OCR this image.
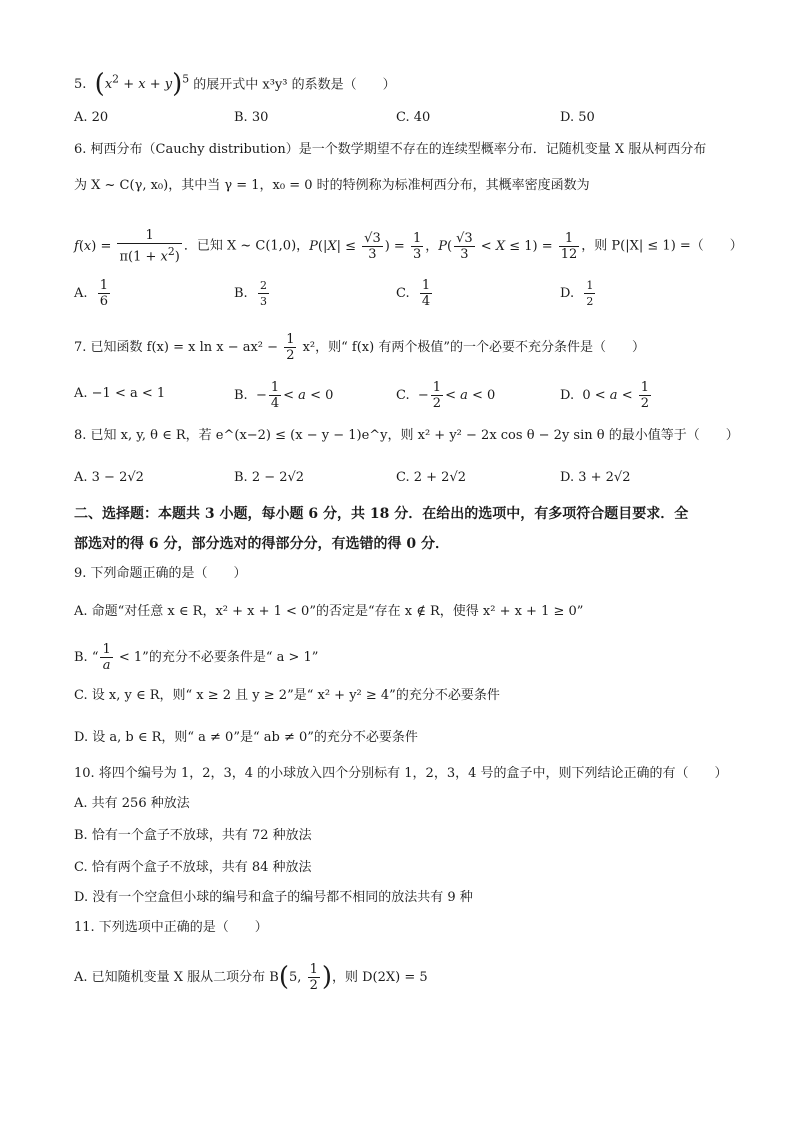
5.  $(x^2 + x + y)^5$ 的展开式中 x³y³ 的系数是（　　）
A. 20	B. 30	C. 40	D. 50
6. 柯西分布（Cauchy distribution）是一个数学期望不存在的连续型概率分布．记随机变量 X 服从柯西分布
为 X ~ C(γ, x₀)，其中当 γ = 1，x₀ = 0 时的特例称为标准柯西分布，其概率密度函数为
$f(x) = \frac{1}{\pi(1 + x^2)}$ ．已知 X ~ C(1,0)，$P(|X| \le \frac{√3}{3}$ ) = $\frac{1}{3}$ ，$P( \frac{√3}{3} < X \le 1) = \frac{1}{12}$ ，则 P(|X| ≤ 1) =（　　）
A. $\frac{1}{6}$	B. $\frac{2}{3}$	C. $\frac{1}{4}$	D. $\frac{1}{2}$
7. 已知函数 f(x) = x $\ln x - ax^2 - \frac{1}{2} x^2$，则“ f(x) 有两个极值”的一个必要不充分条件是（　　）
A. −1 < a < 1	B. − $\frac{1}{4} < a < 0$	C. − $\frac{1}{2} < a < 0$	D. $0 < a < \frac{1}{2}$
8. 已知 x, y, θ ∈ R，若 e^(x−2) ≤ (x − y − 1)e^y，则 x² + y² − 2x cos θ − 2y sin θ 的最小值等于（　　）
A. 3 − 2√2	B. 2 − 2√2	C. 2 + 2√2	D. 3 + 2√2
二、选择题：本题共 3 小题，每小题 6 分，共 18 分．在给出的选项中，有多项符合题目要求．全
部选对的得 6 分，部分选对的得部分分，有选错的得 0 分．
9. 下列命题正确的是（　　）
A. 命题“对任意 x ∈ R，x² + x + 1 < 0”的否定是“存在 x ∉ R，使得 x² + x + 1 ≥ 0”
B. “ $\frac{1}{a} < 1$”的充分不必要条件是“ a > 1”
C. 设 x, y ∈ R，则“ x ≥ 2 且 y ≥ 2”是“ x² + y² ≥ 4”的充分不必要条件
D. 设 a, b ∈ R，则“ a ≠ 0”是“ ab ≠ 0”的充分不必要条件
10. 将四个编号为 1，2，3，4 的小球放入四个分别标有 1，2，3，4 号的盒子中，则下列结论正确的有（　　）
A. 共有 256 种放法
B. 恰有一个盒子不放球，共有 72 种放法
C. 恰有两个盒子不放球，共有 84 种放法
D. 没有一个空盒但小球的编号和盒子的编号都不相同的放法共有 9 种
11. 下列选项中正确的是（　　）
A. 已知随机变量 X 服从二项分布 B(5, $\frac{1}{2}$ )，则 D(2X) = 5
